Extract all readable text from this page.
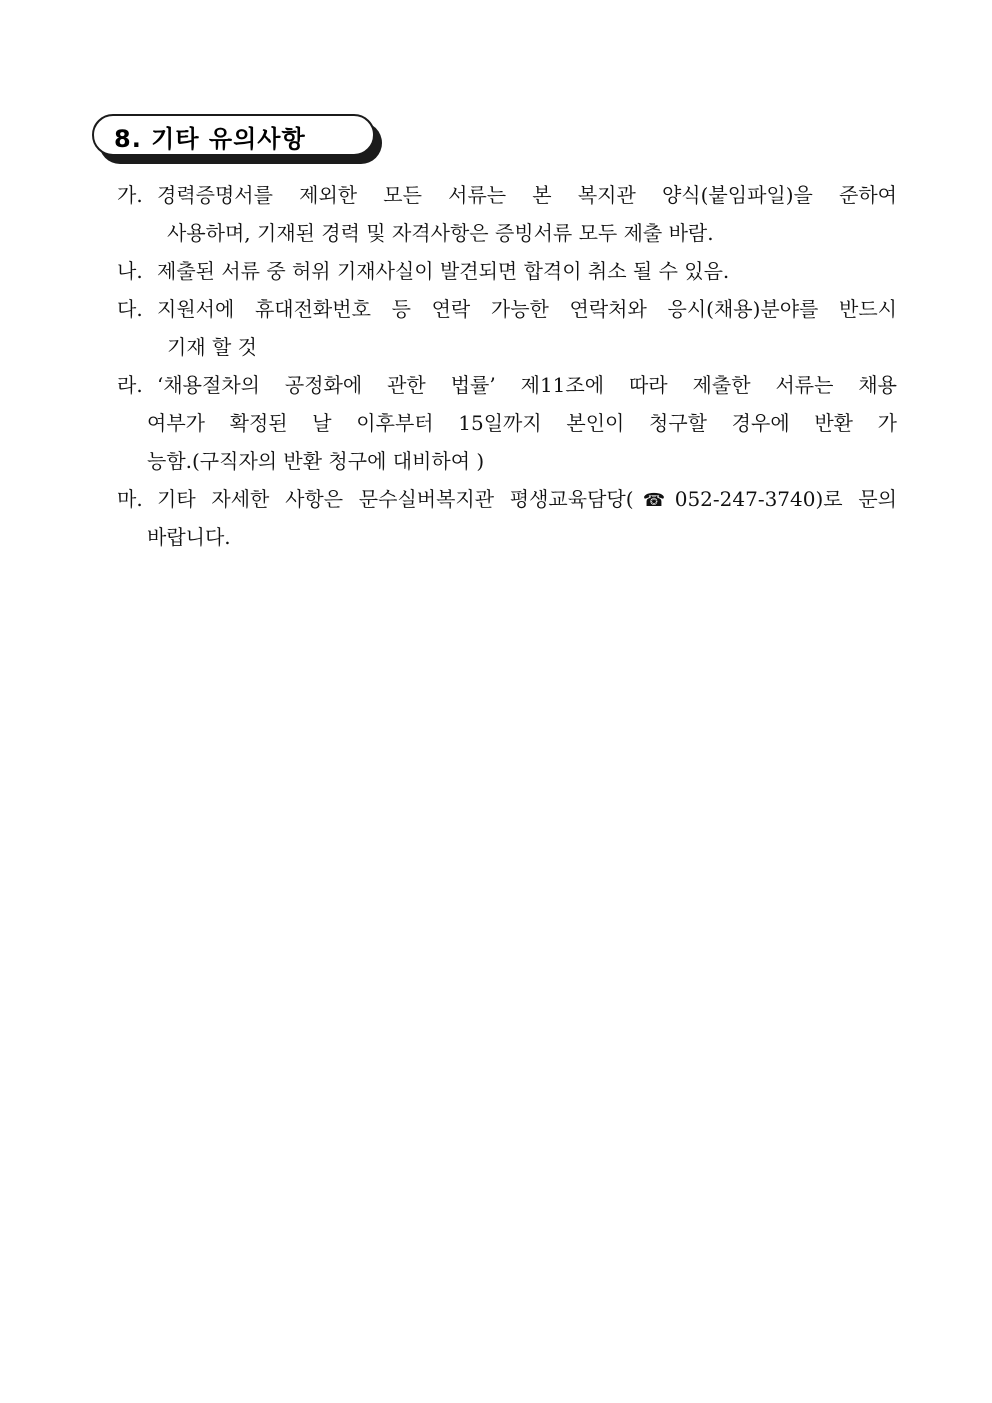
8. 기타 유의사항
가. 경력증명서를 제외한 모든 서류는 본 복지관 양식(붙임파일)을 준하여
사용하며, 기재된 경력 및 자격사항은 증빙서류 모두 제출 바람.
나. 제출된 서류 중 허위 기재사실이 발견되면 합격이 취소 될 수 있음.
다. 지원서에 휴대전화번호 등 연락 가능한 연락처와 응시(채용)분야를 반드시
기재 할 것
라. ‘채용절차의 공정화에 관한 법률’ 제11조에 따라 제출한 서류는 채용
여부가 확정된 날 이후부터 15일까지 본인이 청구할 경우에 반환 가
능함.(구직자의 반환 청구에 대비하여 )
마. 기타 자세한 사항은 문수실버복지관 평생교육담당(☎052-247-3740)로 문의
바랍니다.
